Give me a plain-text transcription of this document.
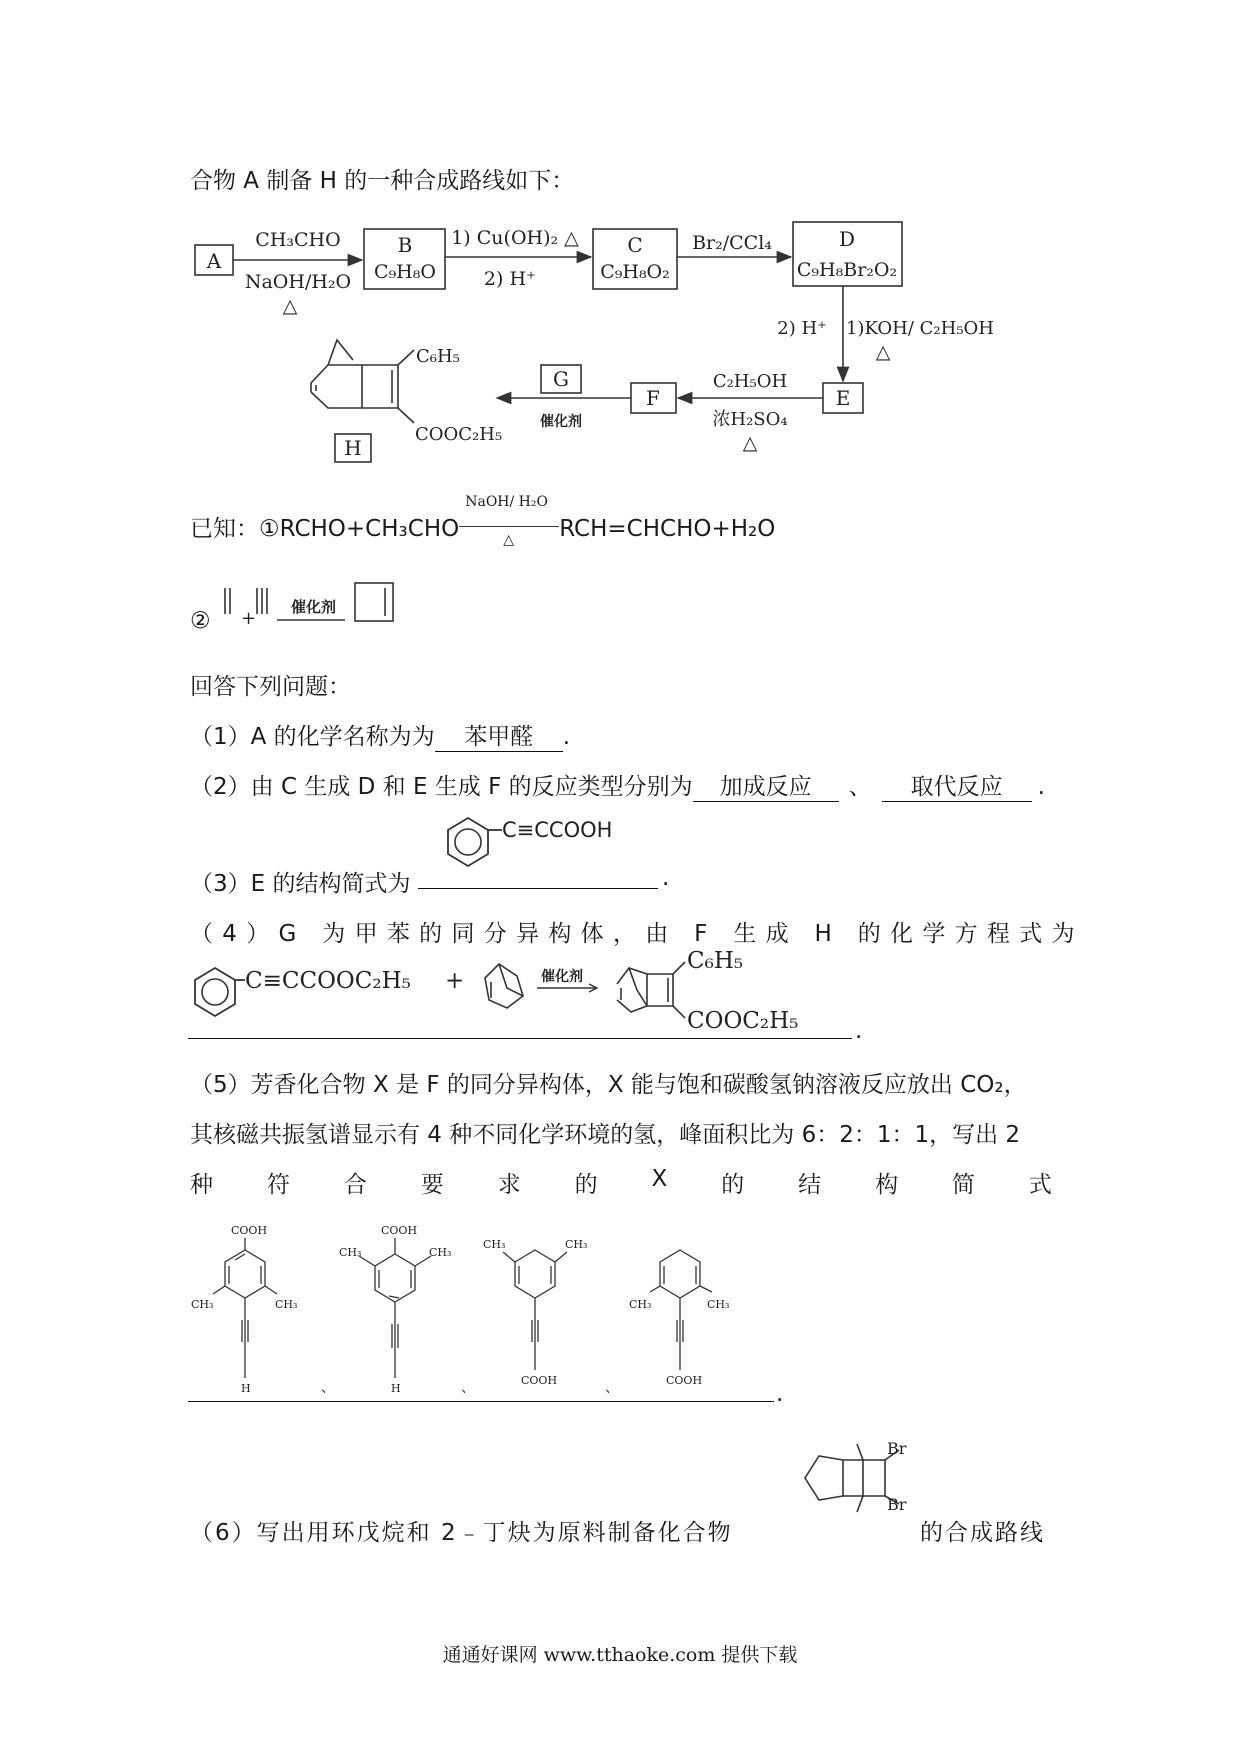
合物 A 制备 H 的一种合成路线如下：
A
B
C₉H₈O
C
C₉H₈O₂
D
C₉H₈Br₂O₂
E
F
G
H
CH₃CHO
NaOH/H₂O
△
1) Cu(OH)₂ △
2) H⁺
Br₂/CCl₄
2) H⁺ 1)KOH/ C₂H₅OH
△
C₂H₅OH
浓H₂SO₄
△
催化剂
C₆H₅
COOC₂H₅
已知：①RCHO+CH₃CHO
NaOH/ H₂O
△ RCH=CHCHO+H₂O
② +
催化剂
回答下列问题：
（1）A 的化学名称为为 苯甲醛 .
（2）由 C 生成 D 和 E 生成 F 的反应类型分别为 加成反应 、 取代反应 .
（3）E 的结构简式为	.
C≡CCOOH
（4）G 为甲苯的同分异构体，由 F 生成 H 的化学方程式为
C≡CCOOC₂H₅ +	催化剂
C₆H₅
COOC₂H₅ .
（5）芳香化合物 X 是 F 的同分异构体，X 能与饱和碳酸氢钠溶液反应放出 CO₂，
其核磁共振氢谱显示有 4 种不同化学环境的氢，峰面积比为 6：2：1：1，写出 2
种 符 合 要 求 的 X 的 结 构 简 式
COOH
CH₃	CH₃
H
COOH
CH₃	CH₃
H
CH₃	CH₃
COOH
CH₃	CH₃
COOH
、	、	、	.
（6）写出用环戊烷和 2﹣丁炔为原料制备化合物
Br
Br
的合成路线
通通好课网 www.tthaoke.com 提供下载
